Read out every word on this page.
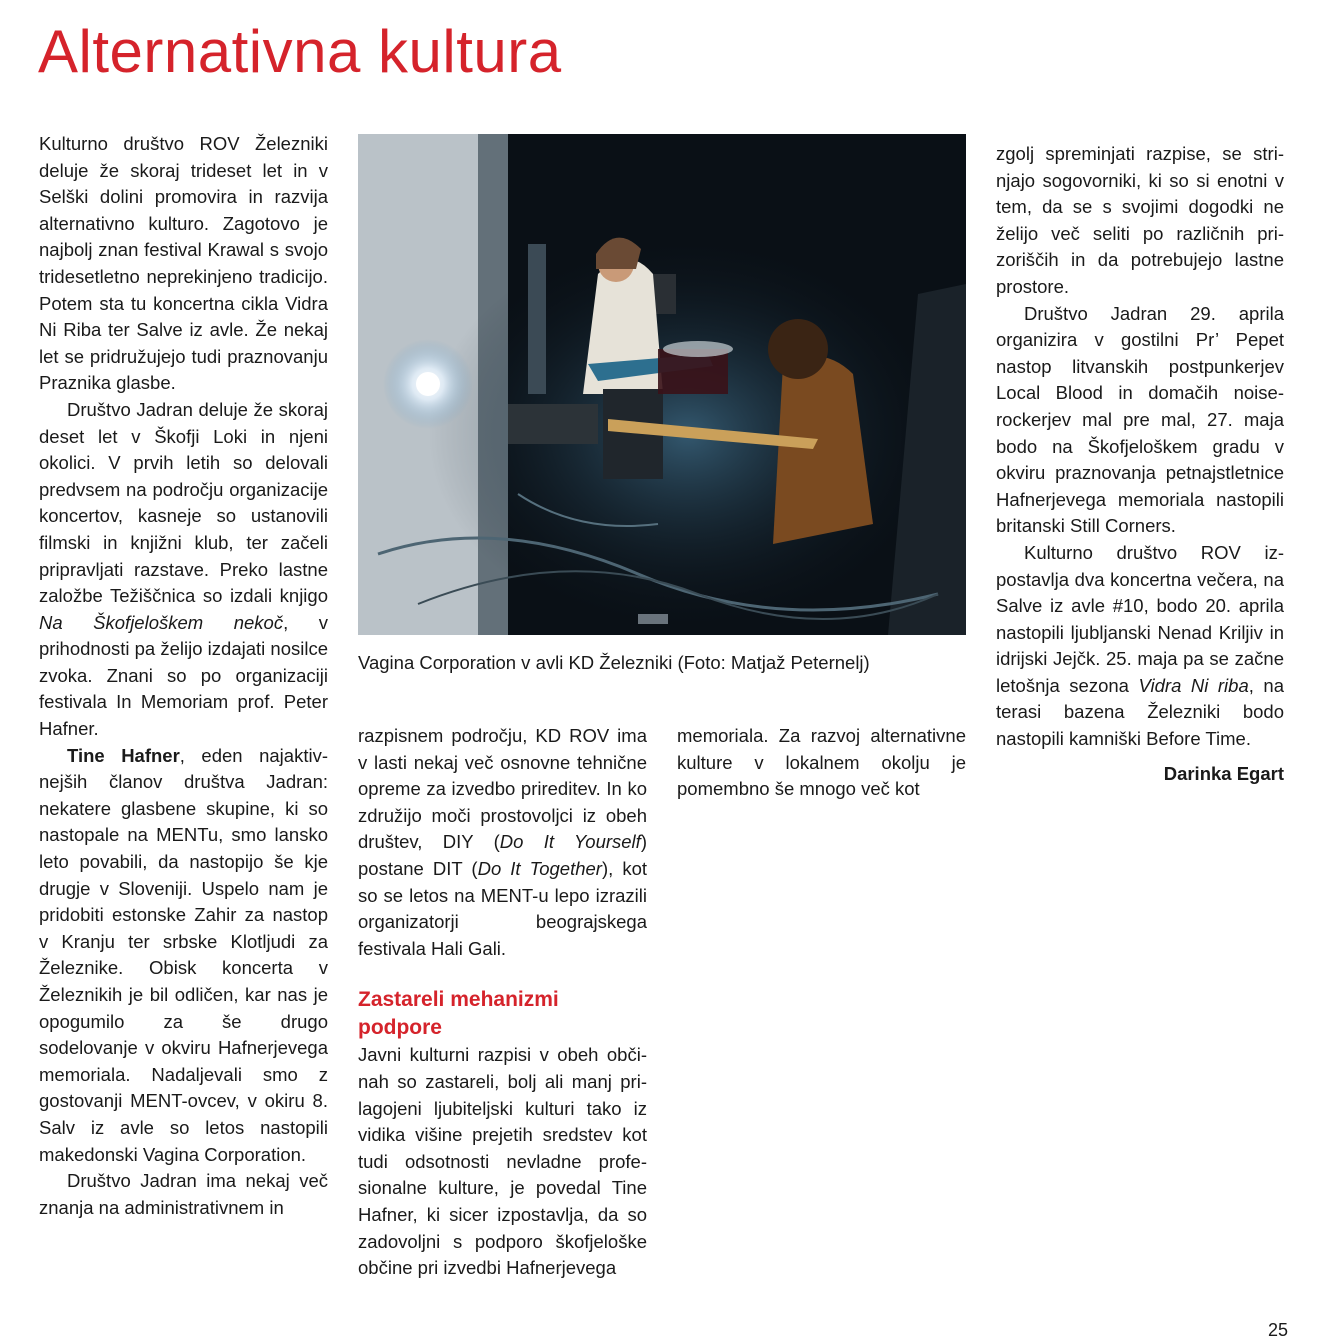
Alternativna kultura

Kulturno društvo ROV Železniki deluje že skoraj trideset let in v Selški dolini promovira in razvija alternativno kulturo. Zagotovo je najbolj znan festival Krawal s svojo tridesetletno neprekinjeno tradicijo. Potem sta tu koncertna cikla Vidra Ni Riba ter Salve iz avle. Že nekaj let se pridružujejo tudi praznovanju Praznika glasbe.

Društvo Jadran deluje že skoraj deset let v Škofji Loki in njeni okolici. V prvih letih so delovali predvsem na področju organizacije koncertov, kasneje so ustanovili filmski in knjižni klub, ter začeli pripravljati razstave. Preko lastne založbe Težiščnica so izdali knjigo Na Škofjeloškem nekoč, v prihodnosti pa želijo izdajati nosilce zvoka. Znani so po organizaciji festivala In Memoriam prof. Peter Hafner.

Tine Hafner, eden najaktivnejših članov društva Jadran: nekatere glasbene skupine, ki so nastopale na MENTu, smo lansko leto povabili, da nastopijo še kje drugje v Sloveniji. Uspelo nam je pridobiti estonske Zahir za nastop v Kranju ter srbske Klotljudi za Železnike. Obisk koncerta v Železnikih je bil odličen, kar nas je opogumilo za še drugo sodelovanje v okviru Hafnerjevega memoriala. Nadaljevali smo z gostovanji MENT-ovcev, v okiru 8. Salv iz avle so letos nastopili makedonski Vagina Corporation.

Društvo Jadran ima nekaj več znanja na administrativnem in

Vagina Corporation v avli KD Železniki (Foto: Matjaž Peternelj)

razpisnem področju, KD ROV ima v lasti nekaj več osnovne tehnične opreme za izvedbo prireditev. In ko združijo moči prostovoljci iz obeh društev, DIY (Do It Yourself) postane DIT (Do It Together), kot so se letos na MENT-u lepo izrazili organizatorji beograjskega festivala Hali Gali.

Zastareli mehanizmi podpore

Javni kulturni razpisi v obeh občinah so zastareli, bolj ali manj prilagojeni ljubiteljski kulturi tako iz vidika višine prejetih sredstev kot tudi odsotnosti nevladne profesionalne kulture, je povedal Tine Hafner, ki sicer izpostavlja, da so zadovoljni s podporo škofjeloške občine pri izvedbi Hafnerjevega

memoriala. Za razvoj alternativne kulture v lokalnem okolju je pomembno še mnogo več kot

zgolj spreminjati razpise, se strinjajo sogovorniki, ki so si enotni v tem, da se s svojimi dogodki ne želijo več seliti po različnih prizoriščih in da potrebujejo lastne prostore.

Društvo Jadran 29. aprila organizira v gostilni Pr’ Pepet nastop litvanskih postpunkerjev Local Blood in domačih noise-rockerjev mal pre mal, 27. maja bodo na Škofjeloškem gradu v okviru praznovanja petnajstletnice Hafnerjevega memoriala nastopili britanski Still Corners.

Kulturno društvo ROV izpostavlja dva koncertna večera, na Salve iz avle #10, bodo 20. aprila nastopili ljubljanski Nenad Kriljiv in idrijski Jejčk. 25. maja pa se začne letošnja sezona Vidra Ni riba, na terasi bazena Železniki bodo nastopili kamniški Before Time.

Darinka Egart

25
